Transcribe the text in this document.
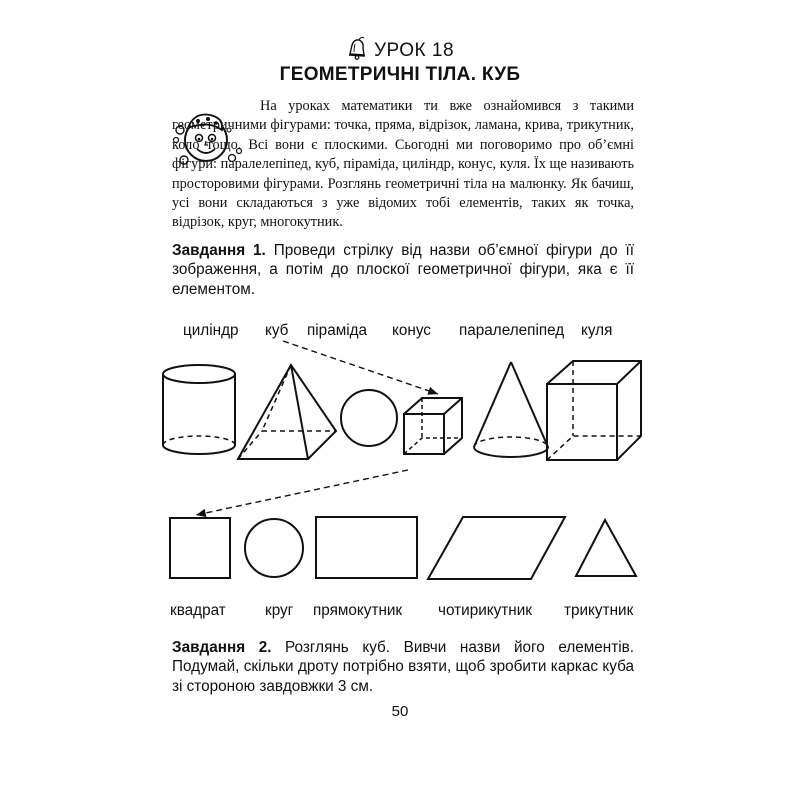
УРОК 18
ГЕОМЕТРИЧНІ ТІЛА. КУБ

На уроках математики ти вже ознайомився з такими геометричними фігурами: точка, пряма, відрізок, ламана, крива, трикутник, коло тощо. Всі вони є плоскими. Сьогодні ми поговоримо про об’ємні фігури: паралелепіпед, куб, піраміда, циліндр, конус, куля. Їх ще називають просторовими фігурами. Розглянь геометричні тіла на малюнку. Як бачиш, усі вони складаються з уже відомих тобі елементів, таких як точка, відрізок, круг, многокутник.

Завдання 1. Проведи стрілку від назви об’ємної фігури до її зображення, а потім до плоскої геометричної фігури, яка є її елементом.
циліндр куб піраміда конус паралелепіпед куля
квадрат	круг прямокутник чотирикутник трикутник
Завдання 2. Розглянь куб. Вивчи назви його елементів. Подумай, скільки дроту потрібно взяти, щоб зробити каркас куба зі стороною завдовжки 3 см.
50
